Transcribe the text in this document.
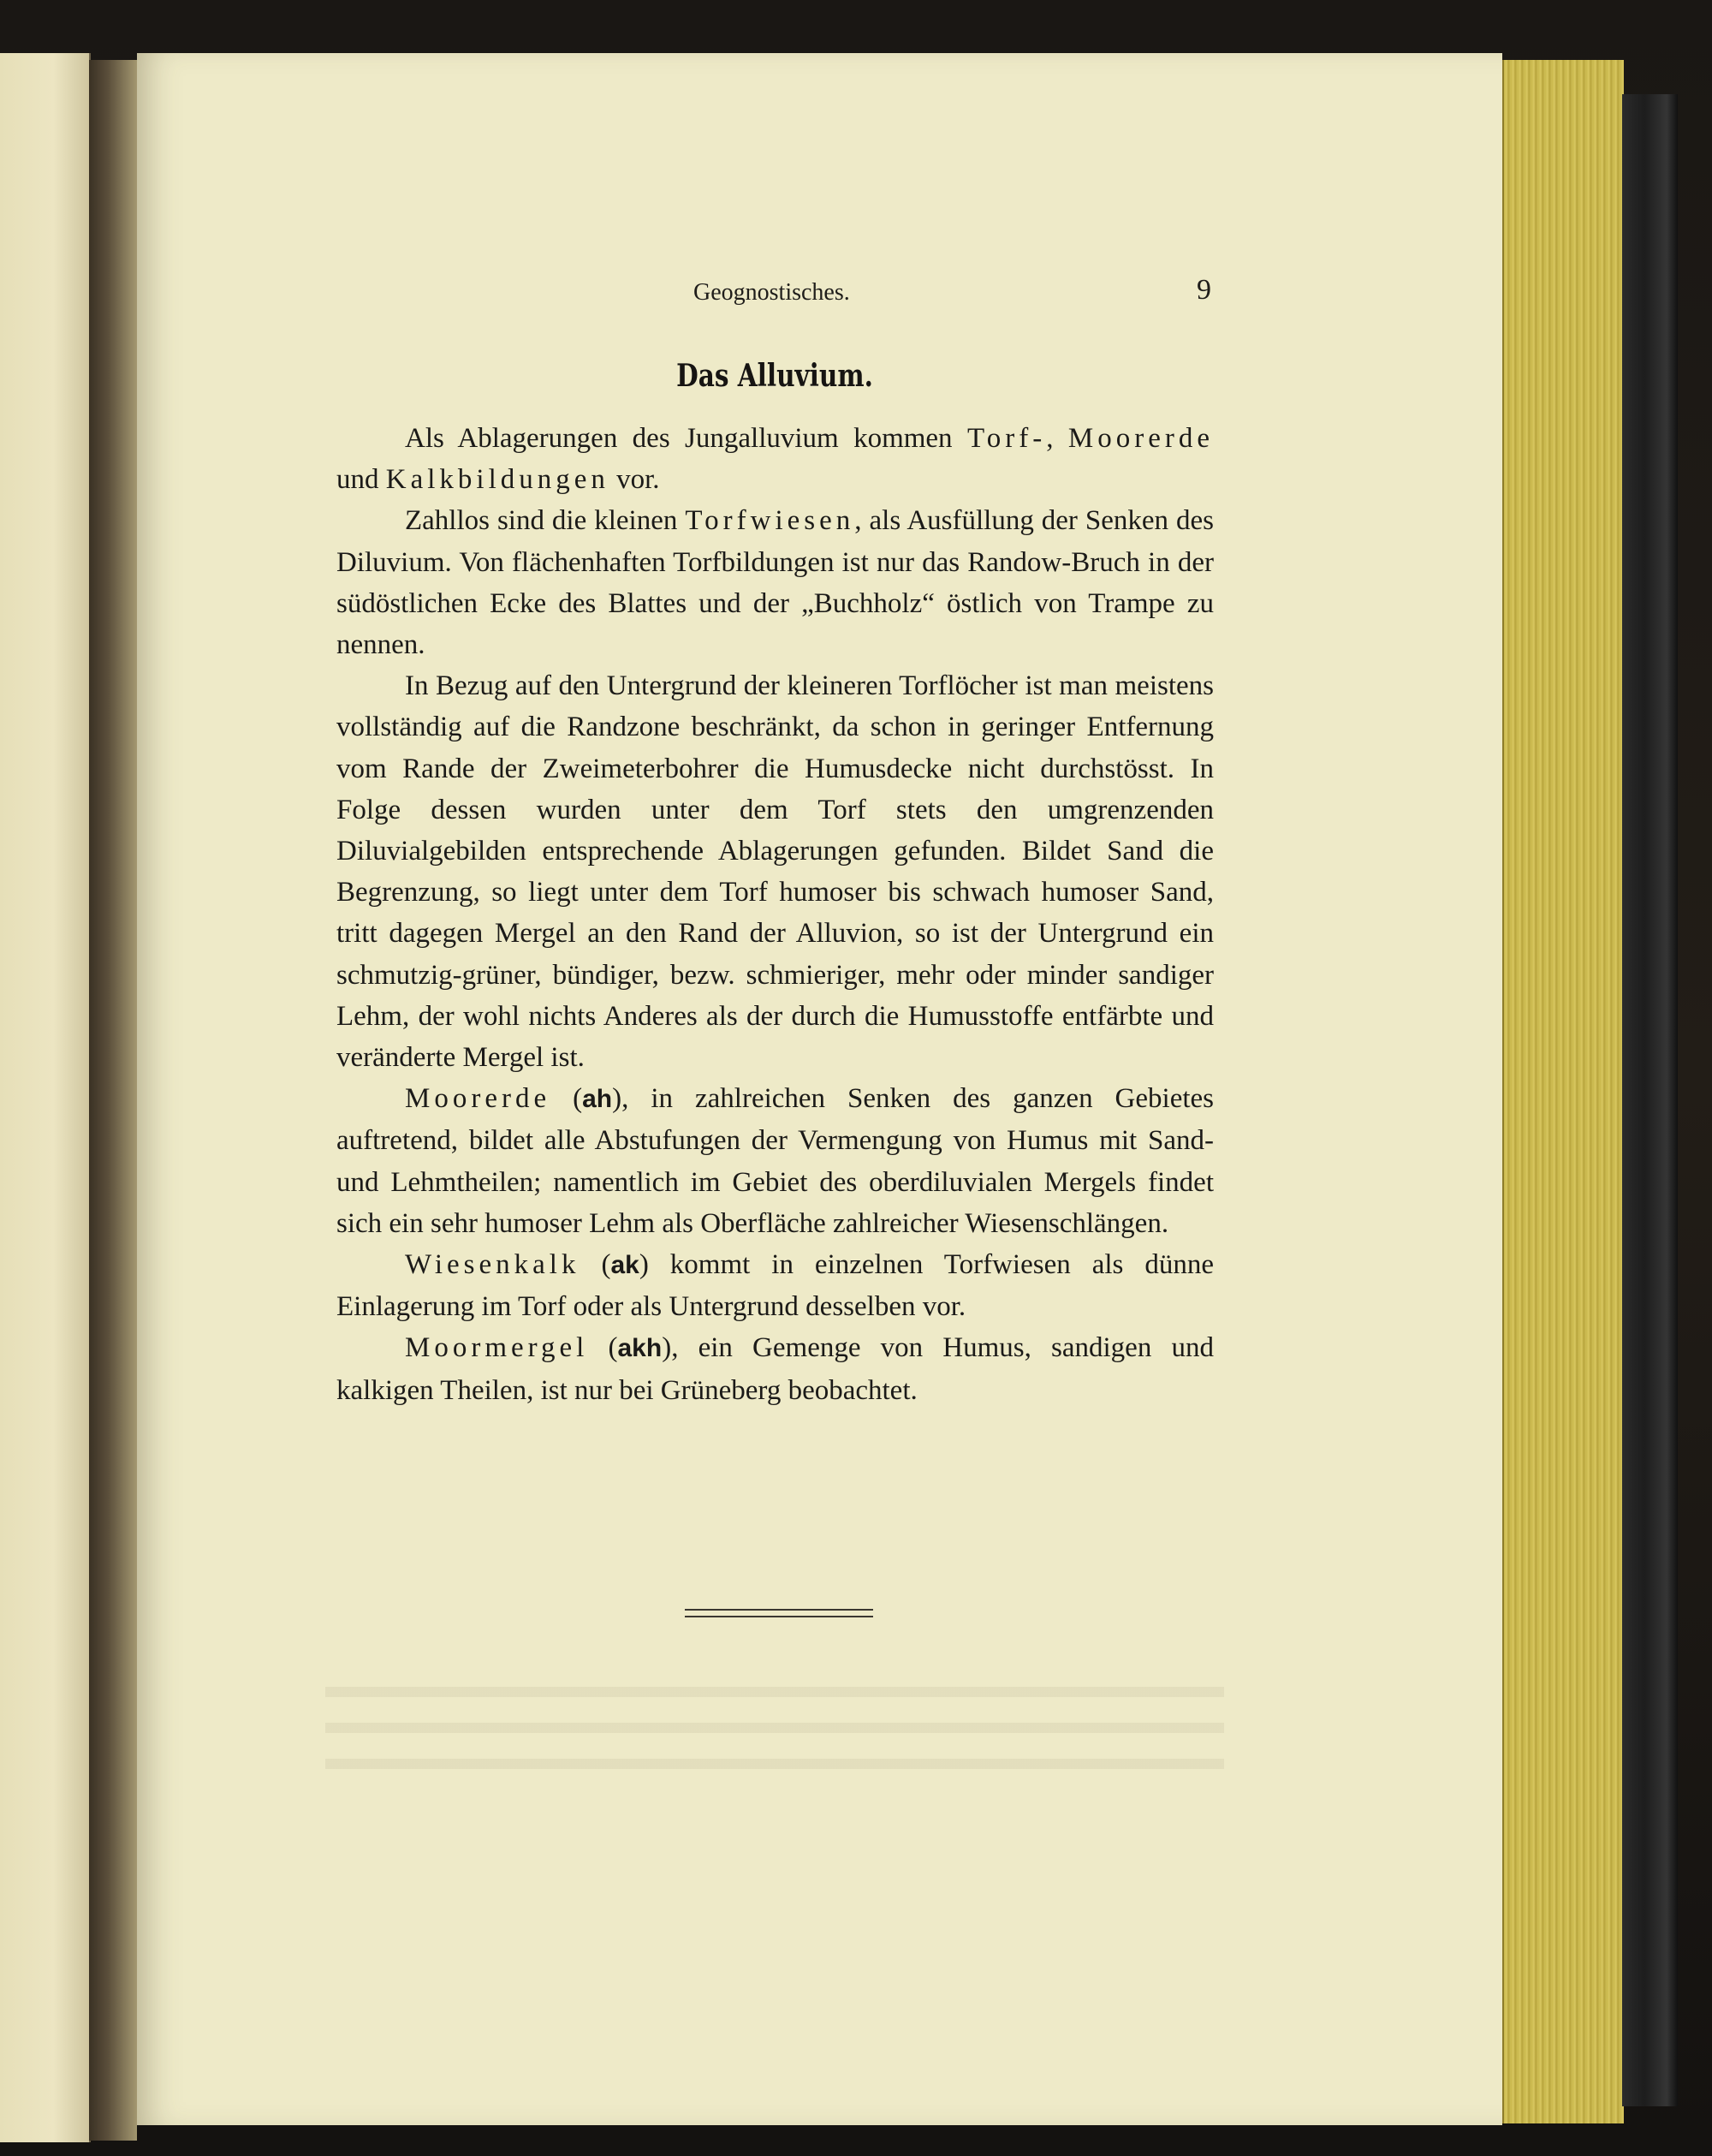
Geognostisches.	9
Das Alluvium.

Als Ablagerungen des Jungalluvium kommen Torf-, Moorerde und Kalkbildungen vor.

Zahllos sind die kleinen Torfwiesen, als Ausfüllung der Senken des Diluvium. Von flächenhaften Torfbildungen ist nur das Randow-Bruch in der südöstlichen Ecke des Blattes und der „Buchholz“ östlich von Trampe zu nennen.

In Bezug auf den Untergrund der kleineren Torflöcher ist man meistens vollständig auf die Randzone beschränkt, da schon in geringer Entfernung vom Rande der Zweimeterbohrer die Humusdecke nicht durchstösst. In Folge dessen wurden unter dem Torf stets den umgrenzenden Diluvialgebilden entsprechende Ablagerungen gefunden. Bildet Sand die Begrenzung, so liegt unter dem Torf humoser bis schwach humoser Sand, tritt dagegen Mergel an den Rand der Alluvion, so ist der Untergrund ein schmutzig-grüner, bündiger, bezw. schmieriger, mehr oder minder sandiger Lehm, der wohl nichts Anderes als der durch die Humusstoffe entfärbte und veränderte Mergel ist.

Moorerde (ah), in zahlreichen Senken des ganzen Gebietes auftretend, bildet alle Abstufungen der Vermengung von Humus mit Sand- und Lehmtheilen; namentlich im Gebiet des oberdiluvialen Mergels findet sich ein sehr humoser Lehm als Oberfläche zahlreicher Wiesenschlängen.

Wiesenkalk (ak) kommt in einzelnen Torfwiesen als dünne Einlagerung im Torf oder als Untergrund desselben vor.

Moormergel (akh), ein Gemenge von Humus, sandigen und kalkigen Theilen, ist nur bei Grüneberg beobachtet.
